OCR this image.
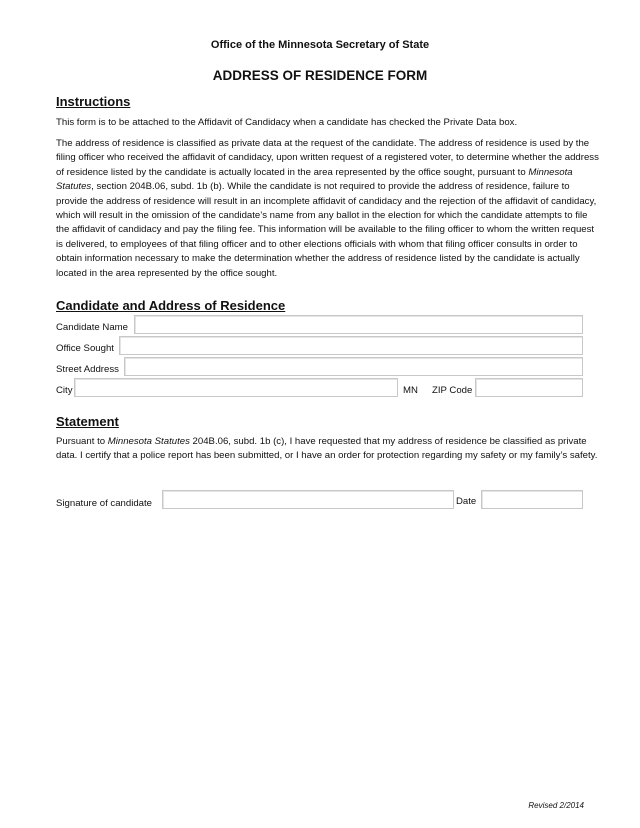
Office of the Minnesota Secretary of State
ADDRESS OF RESIDENCE FORM
Instructions
This form is to be attached to the Affidavit of Candidacy when a candidate has checked the Private Data box.
The address of residence is classified as private data at the request of the candidate. The address of residence is used by the filing officer who received the affidavit of candidacy, upon written request of a registered voter, to determine whether the address of residence listed by the candidate is actually located in the area represented by the office sought, pursuant to Minnesota Statutes, section 204B.06, subd. 1b (b). While the candidate is not required to provide the address of residence, failure to provide the address of residence will result in an incomplete affidavit of candidacy and the rejection of the affidavit of candidacy, which will result in the omission of the candidate’s name from any ballot in the election for which the candidate attempts to file the affidavit of candidacy and pay the filing fee. This information will be available to the filing officer to whom the written request is delivered, to employees of that filing officer and to other elections officials with whom that filing officer consults in order to obtain information necessary to make the determination whether the address of residence listed by the candidate is actually located in the area represented by the office sought.
Candidate and Address of Residence
Candidate Name
Office Sought
Street Address
City	MN ZIP Code
Statement
Pursuant to Minnesota Statutes 204B.06, subd. 1b (c), I have requested that my address of residence be classified as private data. I certify that a police report has been submitted, or I have an order for protection regarding my safety or my family’s safety.
Signature of candidate	Date
Revised 2/2014
